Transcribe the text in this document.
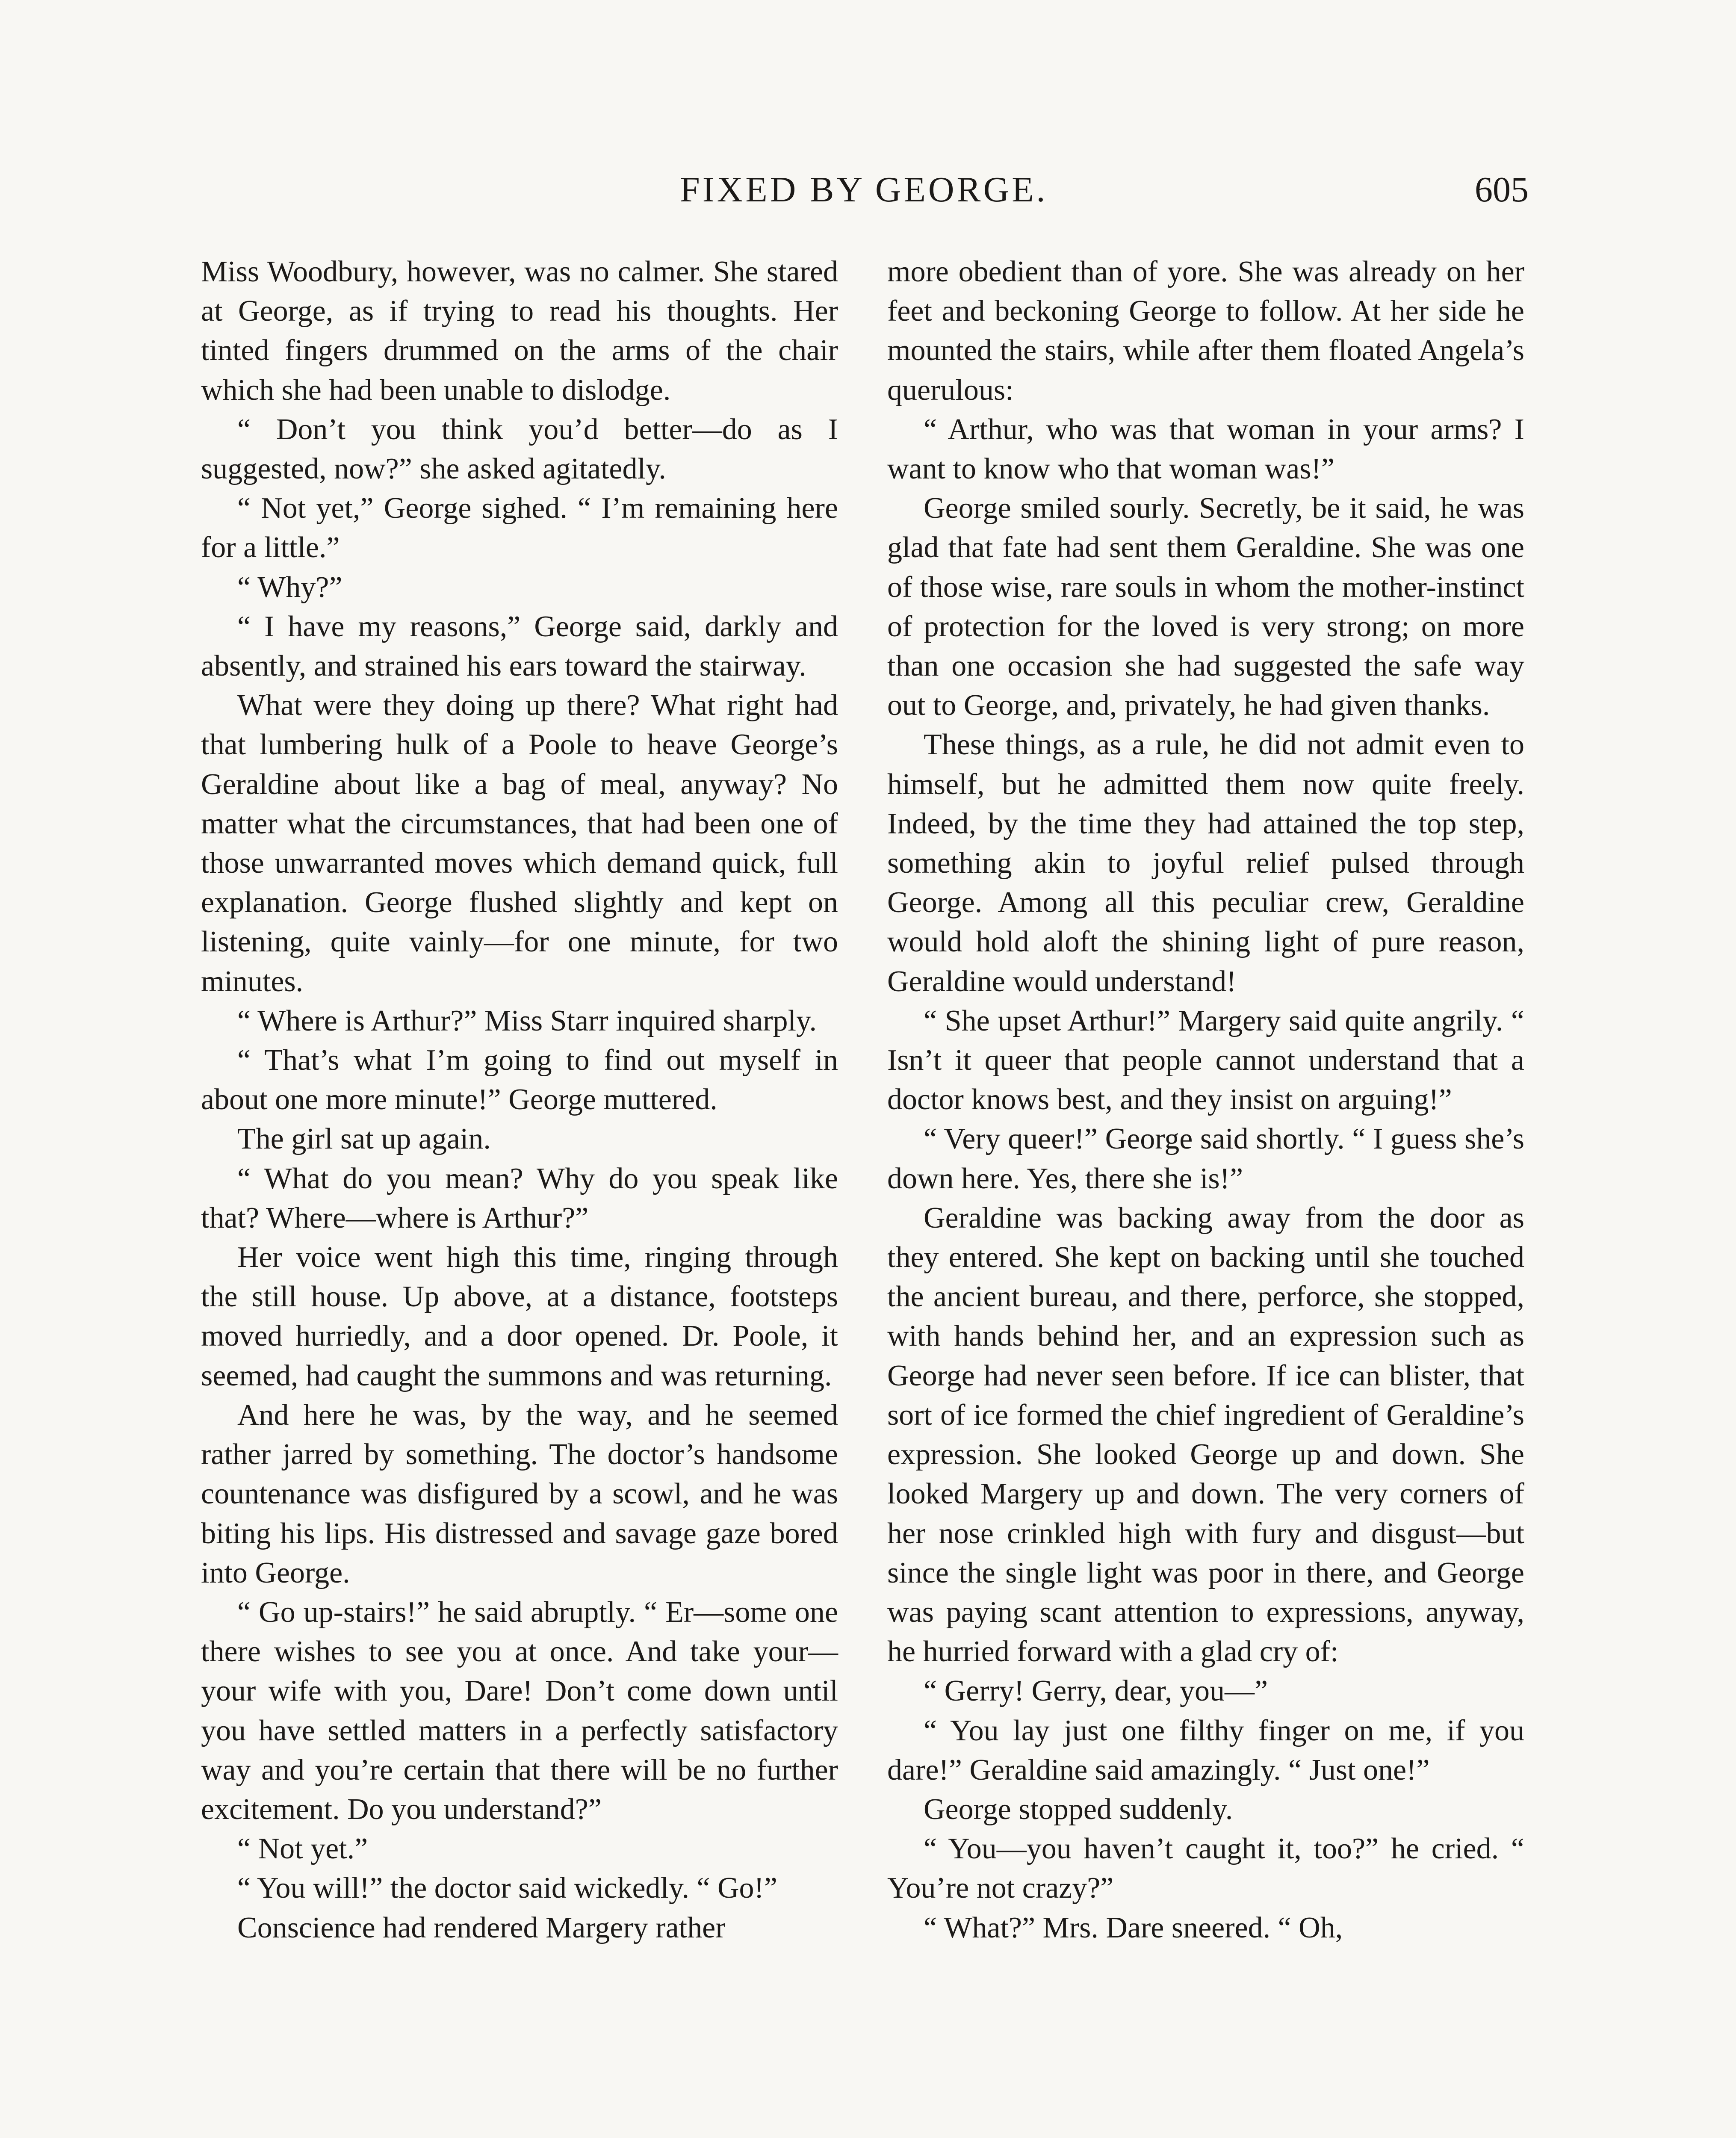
FIXED BY GEORGE.	605

Miss Woodbury, however, was no calmer. She stared at George, as if trying to read his thoughts. Her tinted fingers drummed on the arms of the chair which she had been unable to dislodge.

“ Don’t you think you’d better—do as I suggested, now?” she asked agitatedly.

“ Not yet,” George sighed. “ I’m remaining here for a little.”

“ Why?”

“ I have my reasons,” George said, darkly and absently, and strained his ears toward the stairway.

What were they doing up there? What right had that lumbering hulk of a Poole to heave George’s Geraldine about like a bag of meal, anyway? No matter what the circumstances, that had been one of those unwarranted moves which demand quick, full explanation. George flushed slightly and kept on listening, quite vainly—for one minute, for two minutes.

“ Where is Arthur?” Miss Starr inquired sharply.

“ That’s what I’m going to find out myself in about one more minute!” George muttered.

The girl sat up again.

“ What do you mean? Why do you speak like that? Where—where is Arthur?”

Her voice went high this time, ringing through the still house. Up above, at a distance, footsteps moved hurriedly, and a door opened. Dr. Poole, it seemed, had caught the summons and was returning.

And here he was, by the way, and he seemed rather jarred by something. The doctor’s handsome countenance was disfigured by a scowl, and he was biting his lips. His distressed and savage gaze bored into George.

“ Go up-stairs!” he said abruptly. “ Er—some one there wishes to see you at once. And take your—your wife with you, Dare! Don’t come down until you have settled matters in a perfectly satisfactory way and you’re certain that there will be no further excitement. Do you understand?”

“ Not yet.”

“ You will!” the doctor said wickedly. “ Go!”

Conscience had rendered Margery rather

more obedient than of yore. She was already on her feet and beckoning George to follow. At her side he mounted the stairs, while after them floated Angela’s querulous:

“ Arthur, who was that woman in your arms? I want to know who that woman was!”

George smiled sourly. Secretly, be it said, he was glad that fate had sent them Geraldine. She was one of those wise, rare souls in whom the mother-instinct of protection for the loved is very strong; on more than one occasion she had suggested the safe way out to George, and, privately, he had given thanks.

These things, as a rule, he did not admit even to himself, but he admitted them now quite freely. Indeed, by the time they had attained the top step, something akin to joyful relief pulsed through George. Among all this peculiar crew, Geraldine would hold aloft the shining light of pure reason, Geraldine would understand!

“ She upset Arthur!” Margery said quite angrily. “ Isn’t it queer that people cannot understand that a doctor knows best, and they insist on arguing!”

“ Very queer!” George said shortly. “ I guess she’s down here. Yes, there she is!”

Geraldine was backing away from the door as they entered. She kept on backing until she touched the ancient bureau, and there, perforce, she stopped, with hands behind her, and an expression such as George had never seen before. If ice can blister, that sort of ice formed the chief ingredient of Geraldine’s expression. She looked George up and down. She looked Margery up and down. The very corners of her nose crinkled high with fury and disgust—but since the single light was poor in there, and George was paying scant attention to expressions, anyway, he hurried forward with a glad cry of:

“ Gerry! Gerry, dear, you—”

“ You lay just one filthy finger on me, if you dare!” Geraldine said amazingly. “ Just one!”

George stopped suddenly.

“ You—you haven’t caught it, too?” he cried. “ You’re not crazy?”

“ What?” Mrs. Dare sneered. “ Oh,
